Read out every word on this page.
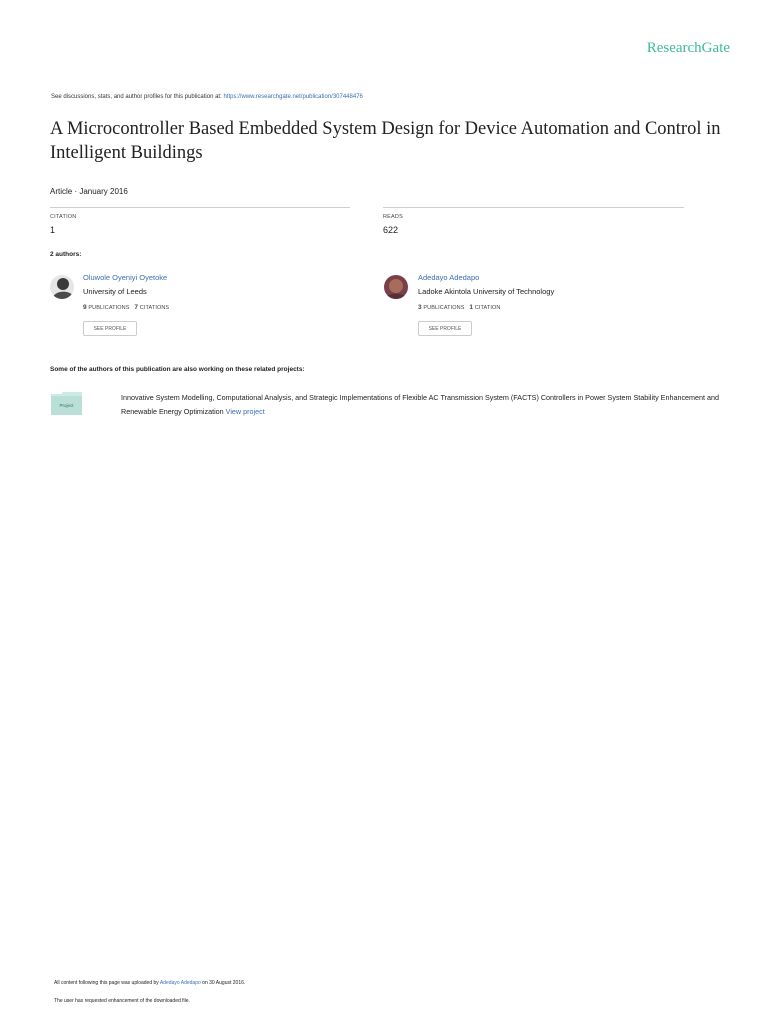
ResearchGate
See discussions, stats, and author profiles for this publication at: https://www.researchgate.net/publication/307448476
A Microcontroller Based Embedded System Design for Device Automation and Control in Intelligent Buildings
Article · January 2016
CITATION
1
READS
622
2 authors:
Oluwole Oyeniyi Oyetoke
University of Leeds
9 PUBLICATIONS 7 CITATIONS
SEE PROFILE
Adedayo Adedapo
Ladoke Akintola University of Technology
3 PUBLICATIONS 1 CITATION
SEE PROFILE
Some of the authors of this publication are also working on these related projects:
Project
Innovative System Modelling, Computational Analysis, and Strategic Implementations of Flexible AC Transmission System (FACTS) Controllers in Power System Stability Enhancement and Renewable Energy Optimization View project
All content following this page was uploaded by Adedayo Adedapo on 30 August 2016.
The user has requested enhancement of the downloaded file.
